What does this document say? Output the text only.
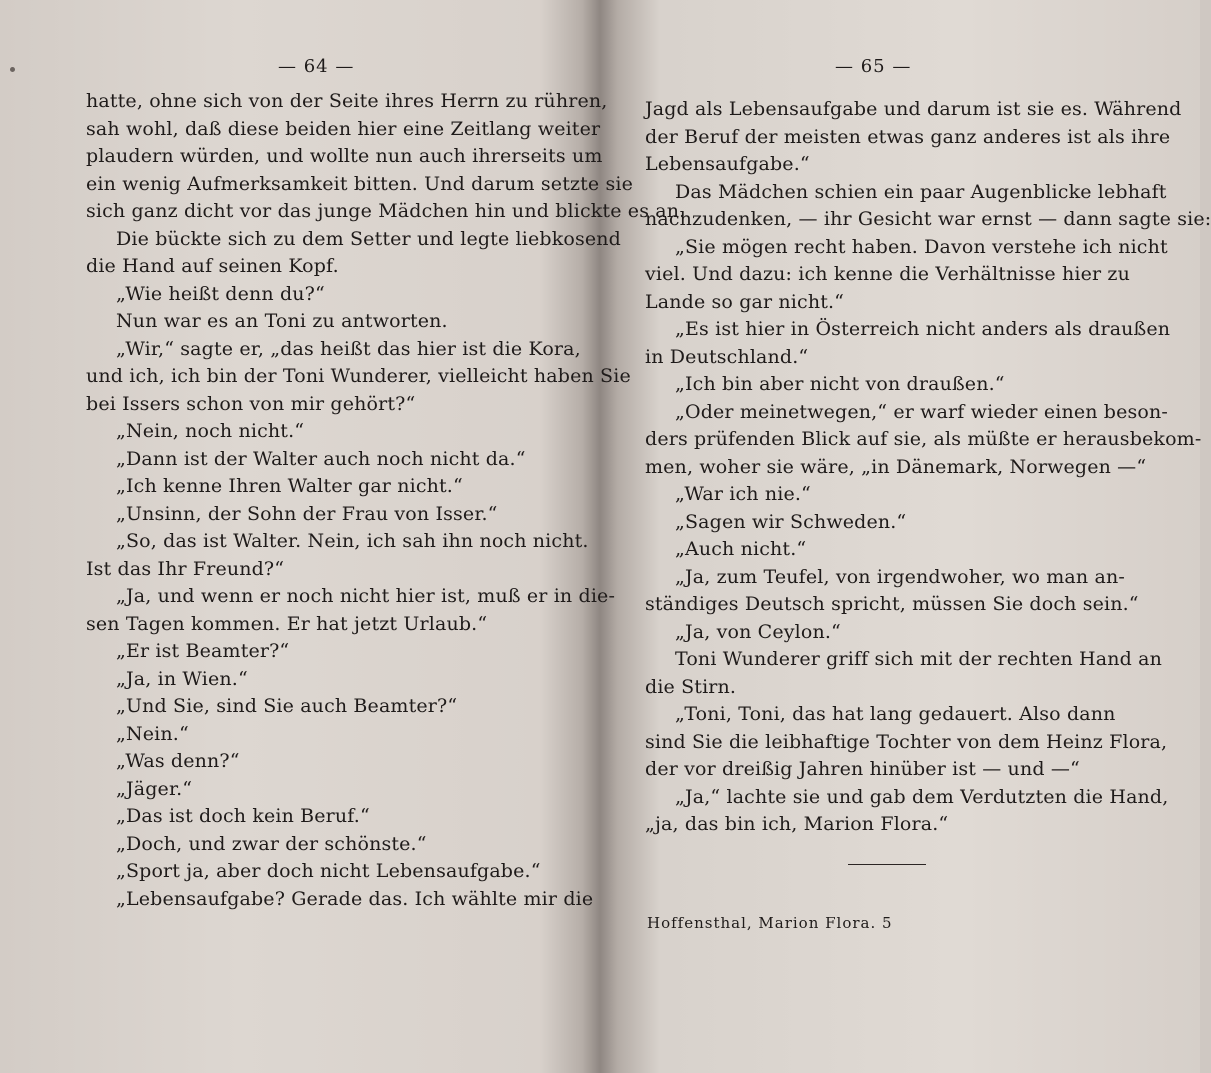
— 64 —
hatte, ohne sich von der Seite ihres Herrn zu rühren,
sah wohl, daß diese beiden hier eine Zeitlang weiter
plaudern würden, und wollte nun auch ihrerseits um
ein wenig Aufmerksamkeit bitten. Und darum setzte sie
sich ganz dicht vor das junge Mädchen hin und blickte es an.
Die bückte sich zu dem Setter und legte liebkosend
die Hand auf seinen Kopf.
„Wie heißt denn du?“
Nun war es an Toni zu antworten.
„Wir,“ sagte er, „das heißt das hier ist die Kora,
und ich, ich bin der Toni Wunderer, vielleicht haben Sie
bei Issers schon von mir gehört?“
„Nein, noch nicht.“
„Dann ist der Walter auch noch nicht da.“
„Ich kenne Ihren Walter gar nicht.“
„Unsinn, der Sohn der Frau von Isser.“
„So, das ist Walter. Nein, ich sah ihn noch nicht.
Ist das Ihr Freund?“
„Ja, und wenn er noch nicht hier ist, muß er in die-
sen Tagen kommen. Er hat jetzt Urlaub.“
„Er ist Beamter?“
„Ja, in Wien.“
„Und Sie, sind Sie auch Beamter?“
„Nein.“
„Was denn?“
„Jäger.“
„Das ist doch kein Beruf.“
„Doch, und zwar der schönste.“
„Sport ja, aber doch nicht Lebensaufgabe.“
„Lebensaufgabe? Gerade das. Ich wählte mir die
— 65 —
Jagd als Lebensaufgabe und darum ist sie es. Während
der Beruf der meisten etwas ganz anderes ist als ihre
Lebensaufgabe.“
Das Mädchen schien ein paar Augenblicke lebhaft
nachzudenken, — ihr Gesicht war ernst — dann sagte sie:
„Sie mögen recht haben. Davon verstehe ich nicht
viel. Und dazu: ich kenne die Verhältnisse hier zu
Lande so gar nicht.“
„Es ist hier in Österreich nicht anders als draußen
in Deutschland.“
„Ich bin aber nicht von draußen.“
„Oder meinetwegen,“ er warf wieder einen beson-
ders prüfenden Blick auf sie, als müßte er herausbekom-
men, woher sie wäre, „in Dänemark, Norwegen —“
„War ich nie.“
„Sagen wir Schweden.“
„Auch nicht.“
„Ja, zum Teufel, von irgendwoher, wo man an-
ständiges Deutsch spricht, müssen Sie doch sein.“
„Ja, von Ceylon.“
Toni Wunderer griff sich mit der rechten Hand an
die Stirn.
„Toni, Toni, das hat lang gedauert. Also dann
sind Sie die leibhaftige Tochter von dem Heinz Flora,
der vor dreißig Jahren hinüber ist — und —“
„Ja,“ lachte sie und gab dem Verdutzten die Hand,
„ja, das bin ich, Marion Flora.“
Hoffensthal, Marion Flora. 5
